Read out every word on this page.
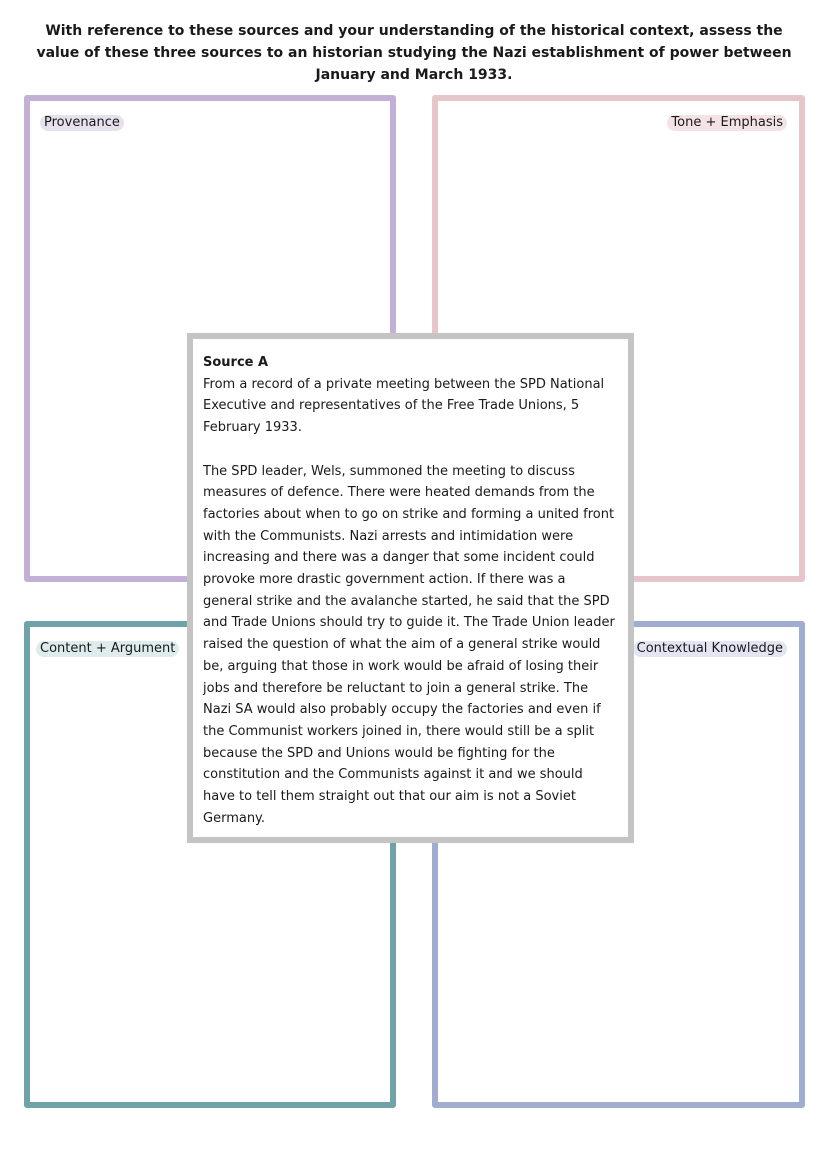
With reference to these sources and your understanding of the historical context, assess the value of these three sources to an historian studying the Nazi establishment of power between January and March 1933.
Provenance	Tone + Emphasis
Content + Argument	Contextual Knowledge

Source A

From a record of a private meeting between the SPD National Executive and representatives of the Free Trade Unions, 5 February 1933.

The SPD leader, Wels, summoned the meeting to discuss measures of defence. There were heated demands from the factories about when to go on strike and forming a united front with the Communists. Nazi arrests and intimidation were increasing and there was a danger that some incident could provoke more drastic government action. If there was a general strike and the avalanche started, he said that the SPD and Trade Unions should try to guide it. The Trade Union leader raised the question of what the aim of a general strike would be, arguing that those in work would be afraid of losing their jobs and therefore be reluctant to join a general strike. The Nazi SA would also probably occupy the factories and even if the Communist workers joined in, there would still be a split because the SPD and Unions would be fighting for the constitution and the Communists against it and we should have to tell them straight out that our aim is not a Soviet Germany.
